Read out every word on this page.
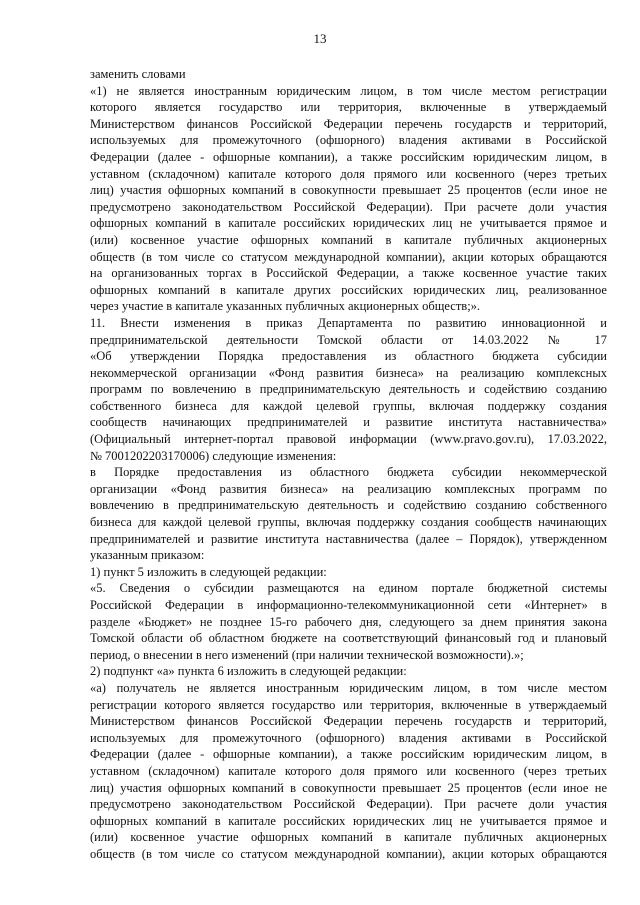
13
заменить словами
«1) не является иностранным юридическим лицом, в том числе местом регистрации
которого является государство или территория, включенные в утверждаемый
Министерством финансов Российской Федерации перечень государств и территорий,
используемых для промежуточного (офшорного) владения активами в Российской
Федерации (далее - офшорные компании), а также российским юридическим лицом, в
уставном (складочном) капитале которого доля прямого или косвенного (через третьих
лиц) участия офшорных компаний в совокупности превышает 25 процентов (если иное не
предусмотрено законодательством Российской Федерации). При расчете доли участия
офшорных компаний в капитале российских юридических лиц не учитывается прямое и
(или) косвенное участие офшорных компаний в капитале публичных акционерных
обществ (в том числе со статусом международной компании), акции которых обращаются
на организованных торгах в Российской Федерации, а также косвенное участие таких
офшорных компаний в капитале других российских юридических лиц, реализованное
через участие в капитале указанных публичных акционерных обществ;».
11. Внести изменения в приказ Департамента по развитию инновационной и
предпринимательской деятельности Томской области от 14.03.2022 № 17
«Об утверждении Порядка предоставления из областного бюджета субсидии
некоммерческой организации «Фонд развития бизнеса» на реализацию комплексных
программ по вовлечению в предпринимательскую деятельность и содействию созданию
собственного бизнеса для каждой целевой группы, включая поддержку создания
сообществ начинающих предпринимателей и развитие института наставничества»
(Официальный интернет-портал правовой информации (www.pravo.gov.ru), 17.03.2022,
№ 7001202203170006) следующие изменения:
в Порядке предоставления из областного бюджета субсидии некоммерческой
организации «Фонд развития бизнеса» на реализацию комплексных программ по
вовлечению в предпринимательскую деятельность и содействию созданию собственного
бизнеса для каждой целевой группы, включая поддержку создания сообществ начинающих
предпринимателей и развитие института наставничества (далее – Порядок), утвержденном
указанным приказом:
1) пункт 5 изложить в следующей редакции:
«5. Сведения о субсидии размещаются на едином портале бюджетной системы
Российской Федерации в информационно-телекоммуникационной сети «Интернет» в
разделе «Бюджет» не позднее 15-го рабочего дня, следующего за днем принятия закона
Томской области об областном бюджете на соответствующий финансовый год и плановый
период, о внесении в него изменений (при наличии технической возможности).»;
2) подпункт «а» пункта 6 изложить в следующей редакции:
«а) получатель не является иностранным юридическим лицом, в том числе местом
регистрации которого является государство или территория, включенные в утверждаемый
Министерством финансов Российской Федерации перечень государств и территорий,
используемых для промежуточного (офшорного) владения активами в Российской
Федерации (далее - офшорные компании), а также российским юридическим лицом, в
уставном (складочном) капитале которого доля прямого или косвенного (через третьих
лиц) участия офшорных компаний в совокупности превышает 25 процентов (если иное не
предусмотрено законодательством Российской Федерации). При расчете доли участия
офшорных компаний в капитале российских юридических лиц не учитывается прямое и
(или) косвенное участие офшорных компаний в капитале публичных акционерных
обществ (в том числе со статусом международной компании), акции которых обращаются
